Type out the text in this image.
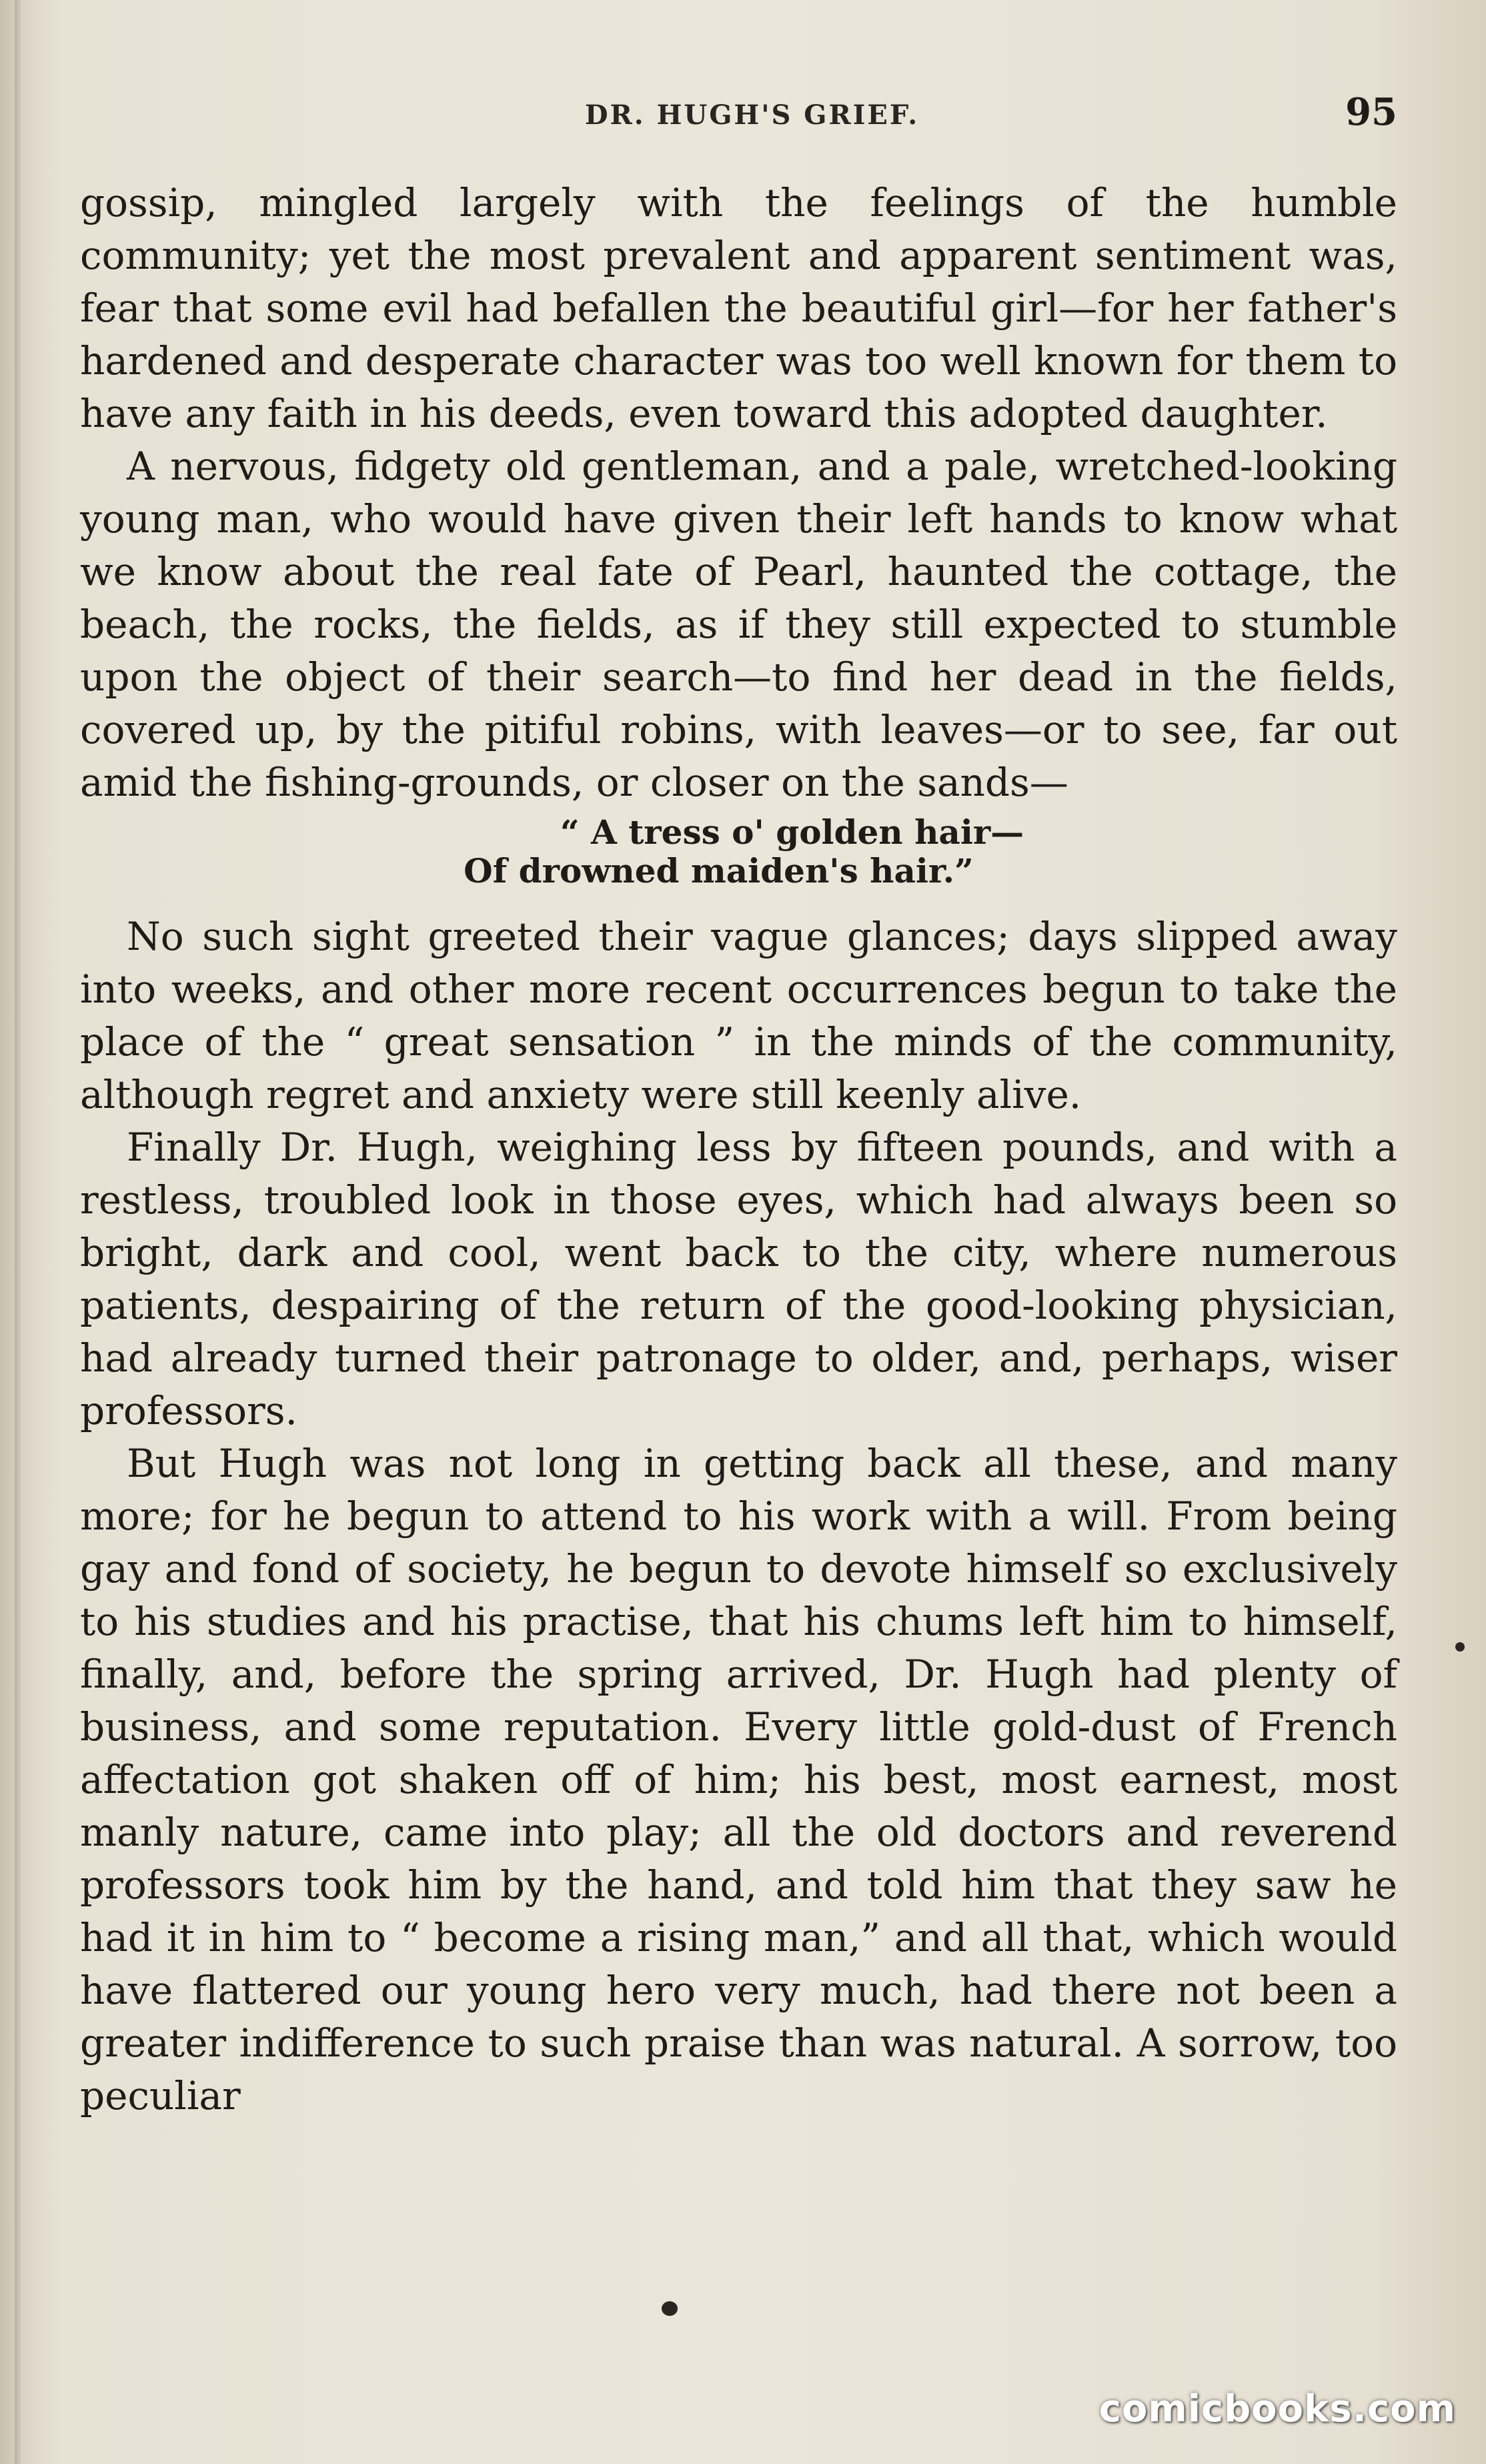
DR. HUGH'S GRIEF.	95

gossip, mingled largely with the feelings of the humble community; yet the most prevalent and apparent sentiment was, fear that some evil had befallen the beautiful girl—for her father's hardened and desperate character was too well known for them to have any faith in his deeds, even toward this adopted daughter.

A nervous, fidgety old gentleman, and a pale, wretched-looking young man, who would have given their left hands to know what we know about the real fate of Pearl, haunted the cottage, the beach, the rocks, the fields, as if they still expected to stumble upon the object of their search—to find her dead in the fields, covered up, by the pitiful robins, with leaves—or to see, far out amid the fishing-grounds, or closer on the sands—

“ A tress o' golden hair—
Of drowned maiden's hair.”

No such sight greeted their vague glances; days slipped away into weeks, and other more recent occurrences begun to take the place of the “ great sensation ” in the minds of the community, although regret and anxiety were still keenly alive.

Finally Dr. Hugh, weighing less by fifteen pounds, and with a restless, troubled look in those eyes, which had always been so bright, dark and cool, went back to the city, where numerous patients, despairing of the return of the good-looking physician, had already turned their patronage to older, and, perhaps, wiser professors.

But Hugh was not long in getting back all these, and many more; for he begun to attend to his work with a will. From being gay and fond of society, he begun to devote himself so exclusively to his studies and his practise, that his chums left him to himself, finally, and, before the spring arrived, Dr. Hugh had plenty of business, and some reputation. Every little gold-dust of French affectation got shaken off of him; his best, most earnest, most manly nature, came into play; all the old doctors and reverend professors took him by the hand, and told him that they saw he had it in him to “ become a rising man,” and all that, which would have flattered our young hero very much, had there not been a greater indifference to such praise than was natural. A sorrow, too peculiar

comicbooks.com
